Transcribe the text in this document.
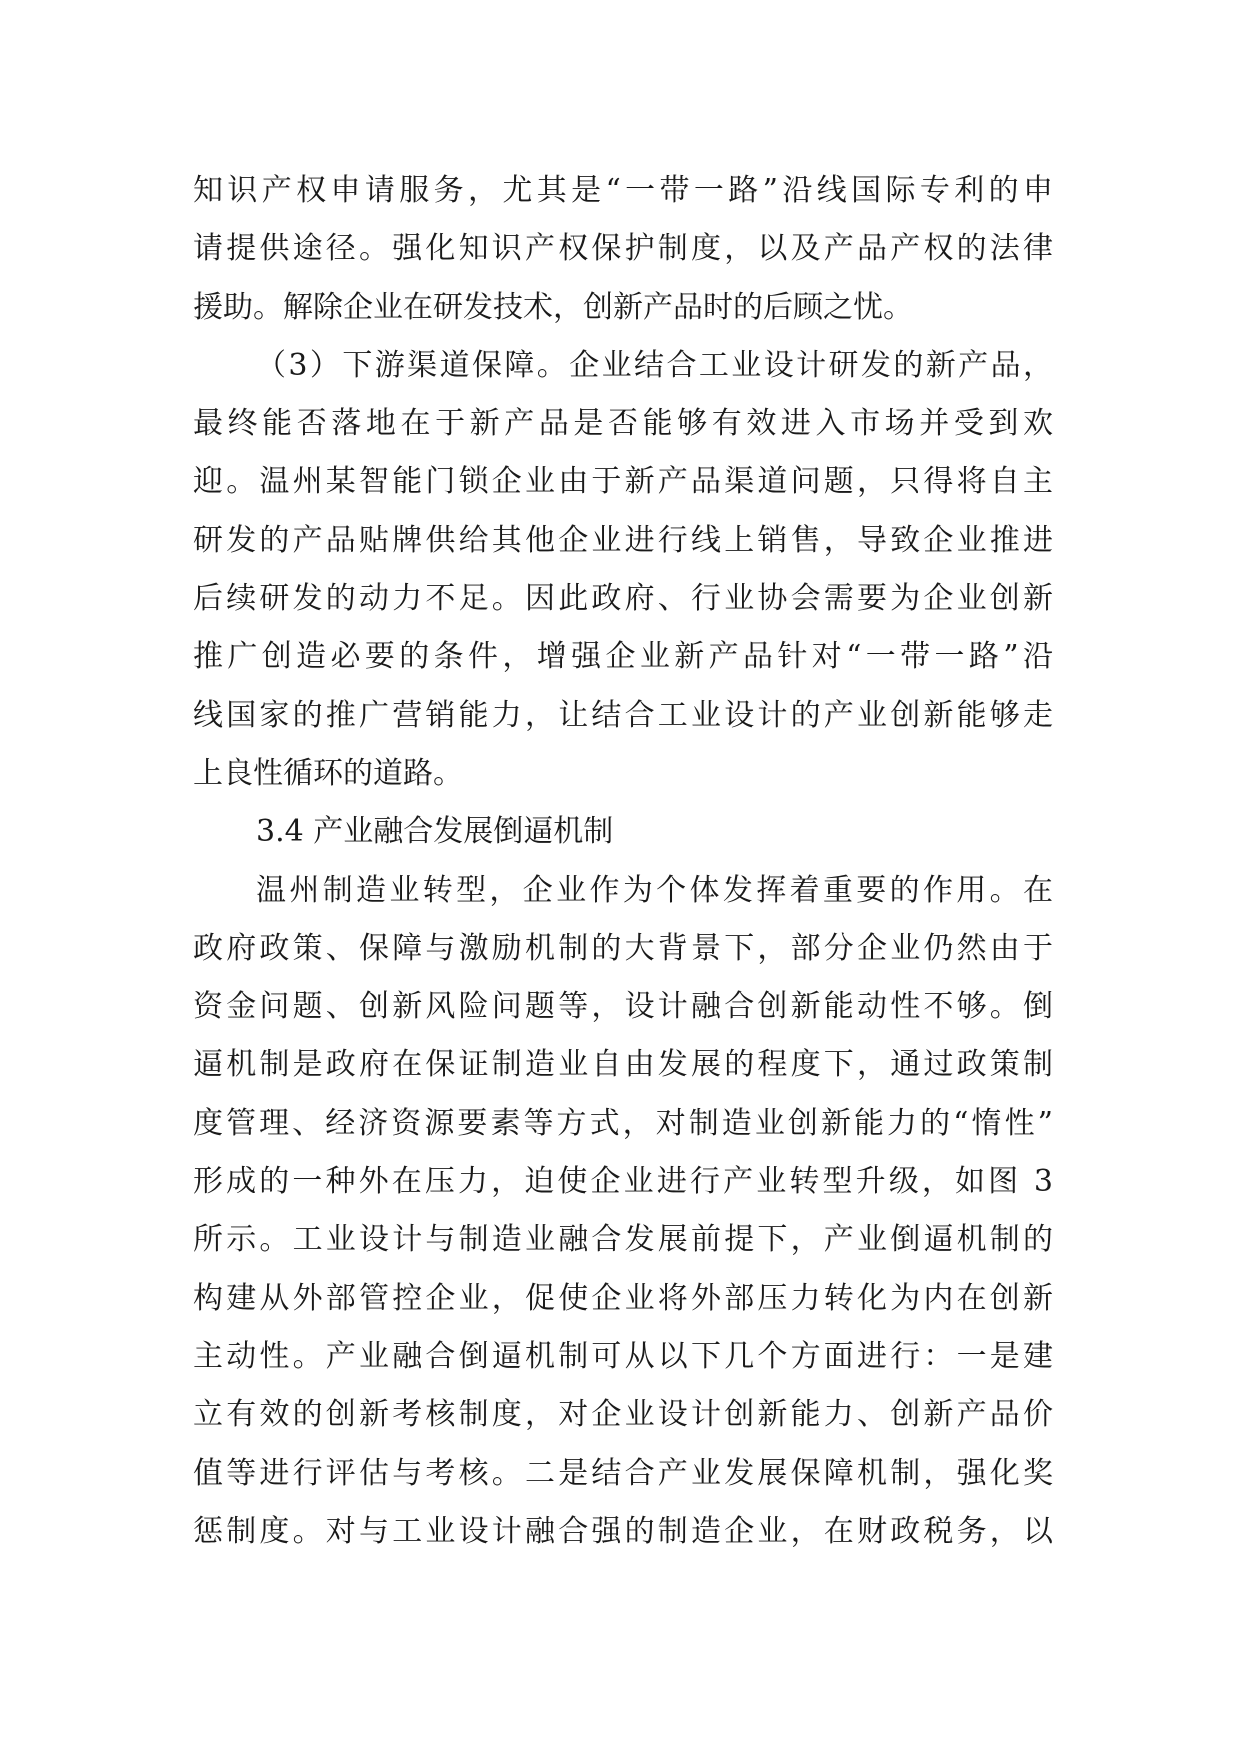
知识产权申请服务，尤其是“一带一路”沿线国际专利的申
请提供途径。强化知识产权保护制度，以及产品产权的法律
援助。解除企业在研发技术，创新产品时的后顾之忧。
（3）下游渠道保障。企业结合工业设计研发的新产品，
最终能否落地在于新产品是否能够有效进入市场并受到欢
迎。温州某智能门锁企业由于新产品渠道问题，只得将自主
研发的产品贴牌供给其他企业进行线上销售，导致企业推进
后续研发的动力不足。因此政府、行业协会需要为企业创新
推广创造必要的条件，增强企业新产品针对“一带一路”沿
线国家的推广营销能力，让结合工业设计的产业创新能够走
上良性循环的道路。
3.4 产业融合发展倒逼机制
温州制造业转型，企业作为个体发挥着重要的作用。在
政府政策、保障与激励机制的大背景下，部分企业仍然由于
资金问题、创新风险问题等，设计融合创新能动性不够。倒
逼机制是政府在保证制造业自由发展的程度下，通过政策制
度管理、经济资源要素等方式，对制造业创新能力的“惰性”
形成的一种外在压力，迫使企业进行产业转型升级，如图 3
所示。工业设计与制造业融合发展前提下，产业倒逼机制的
构建从外部管控企业，促使企业将外部压力转化为内在创新
主动性。产业融合倒逼机制可从以下几个方面进行：一是建
立有效的创新考核制度，对企业设计创新能力、创新产品价
值等进行评估与考核。二是结合产业发展保障机制，强化奖
惩制度。对与工业设计融合强的制造企业，在财政税务，以
